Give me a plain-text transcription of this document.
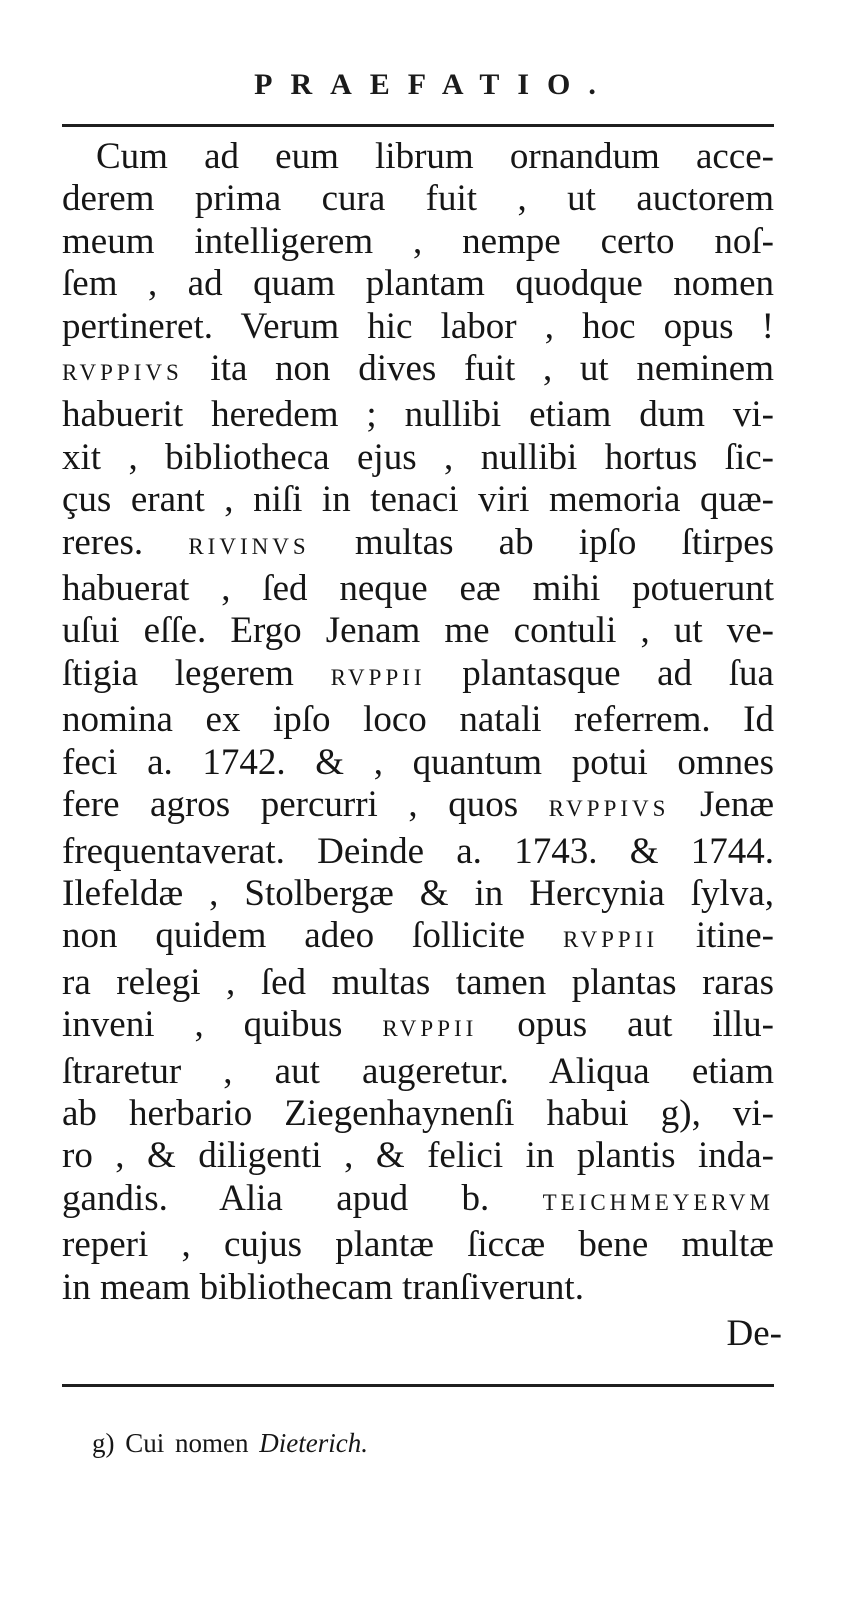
PRAEFATIO.

Cum ad eum librum ornandum acce-
derem prima cura fuit , ut auctorem
meum intelligerem , nempe certo noſ-
ſem , ad quam plantam quodque nomen
pertineret. Verum hic labor , hoc opus !
RVPPIVS ita non dives fuit , ut neminem
habuerit heredem ; nullibi etiam dum vi-
xit , bibliotheca ejus , nullibi hortus ſic-
çus erant , niſi in tenaci viri memoria quæ-
reres. RIVINVS multas ab ipſo ſtirpes
habuerat , ſed neque eæ mihi potuerunt
uſui eſſe. Ergo Jenam me contuli , ut ve-
ſtigia legerem RVPPII plantasque ad ſua
nomina ex ipſo loco natali referrem. Id
feci a. 1742. & , quantum potui omnes
fere agros percurri , quos RVPPIVS Jenæ
frequentaverat. Deinde a. 1743. & 1744.
Ilefeldæ , Stolbergæ & in Hercynia ſylva,
non quidem adeo ſollicite RVPPII itine-
ra relegi , ſed multas tamen plantas raras
inveni , quibus RVPPII opus aut illu-
ſtraretur , aut augeretur. Aliqua etiam
ab herbario Ziegenhaynenſi habui g), vi-
ro , & diligenti , & felici in plantis inda-
gandis. Alia apud b. TEICHMEYERVM
reperi , cujus plantæ ſiccæ bene multæ
in meam bibliothecam tranſiverunt.

De-
g) Cui nomen Dieterich.
